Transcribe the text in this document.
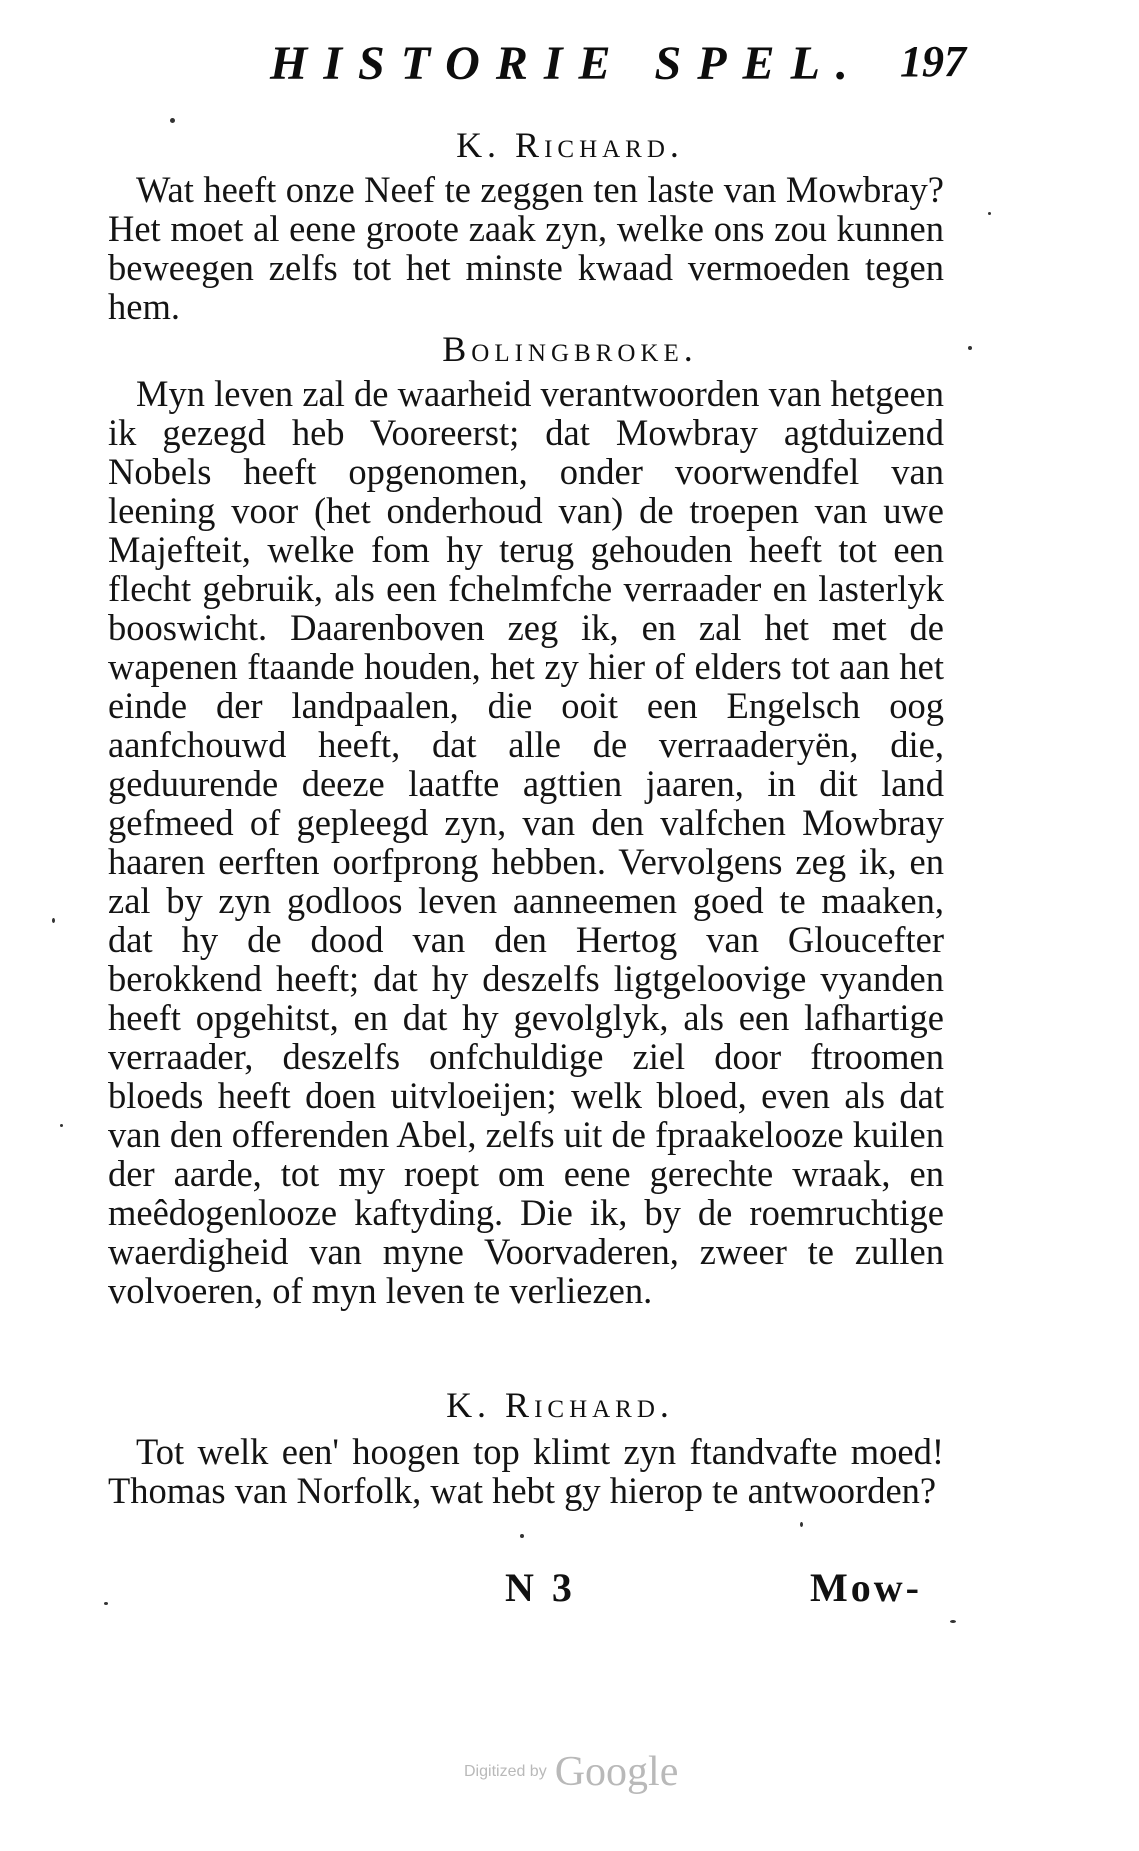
HISTORIE SPEL. 197
K. Richard.
Wat heeft onze Neef te zeggen ten laste van Mowbray? Het moet al eene groote zaak zyn, welke ons zou kunnen beweegen zelfs tot het minste kwaad vermoeden tegen hem.
Bolingbroke.
Myn leven zal de waarheid verantwoorden van hetgeen ik gezegd heb Vooreerst; dat Mowbray agtduizend Nobels heeft opgenomen, onder voorwendfel van leening voor (het onderhoud van) de troepen van uwe Majefteit, welke fom hy terug gehouden heeft tot een flecht gebruik, als een fchelmfche verraader en lasterlyk booswicht. Daarenboven zeg ik, en zal het met de wapenen ftaande houden, het zy hier of elders tot aan het einde der landpaalen, die ooit een Engelsch oog aanfchouwd heeft, dat alle de verraaderyën, die, geduurende deeze laatfte agttien jaaren, in dit land gefmeed of gepleegd zyn, van den valfchen Mowbray haaren eerften oorfprong hebben. Vervolgens zeg ik, en zal by zyn godloos leven aanneemen goed te maaken, dat hy de dood van den Hertog van Gloucefter berokkend heeft; dat hy deszelfs ligtgeloovige vyanden heeft opgehitst, en dat hy gevolglyk, als een lafhartige verraader, deszelfs onfchuldige ziel door ftroomen bloeds heeft doen uitvloeijen; welk bloed, even als dat van den offerenden Abel, zelfs uit de fpraakelooze kuilen der aarde, tot my roept om eene gerechte wraak, en meêdogenlooze kaftyding. Die ik, by de roemruchtige waerdigheid van myne Voorvaderen, zweer te zullen volvoeren, of myn leven te verliezen.
K. Richard.
Tot welk een' hoogen top klimt zyn ftandvafte moed! Thomas van Norfolk, wat hebt gy hierop te antwoorden?
N 3	Mow-
Digitized by Google
